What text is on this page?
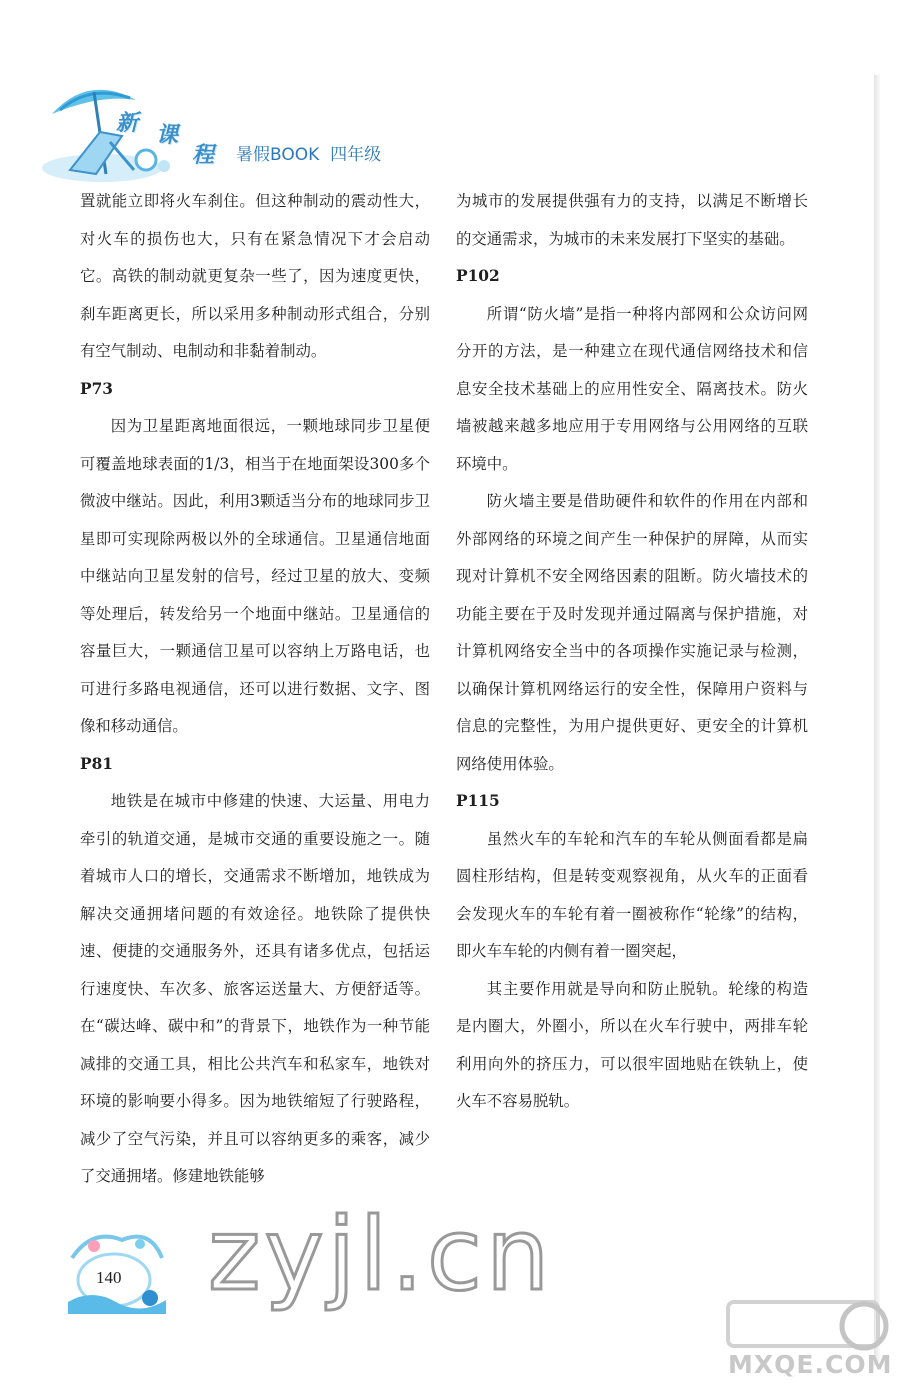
新 课
程 暑假BOOK  四年级

置就能立即将火车刹住。但这种制动的震动性大，对火车的损伤也大，只有在紧急情况下才会启动它。高铁的制动就更复杂一些了，因为速度更快，刹车距离更长，所以采用多种制动形式组合，分别有空气制动、电制动和非黏着制动。

P73

因为卫星距离地面很远，一颗地球同步卫星便可覆盖地球表面的1/3，相当于在地面架设300多个微波中继站。因此，利用3颗适当分布的地球同步卫星即可实现除两极以外的全球通信。卫星通信地面中继站向卫星发射的信号，经过卫星的放大、变频等处理后，转发给另一个地面中继站。卫星通信的容量巨大，一颗通信卫星可以容纳上万路电话，也可进行多路电视通信，还可以进行数据、文字、图像和移动通信。

P81

地铁是在城市中修建的快速、大运量、用电力牵引的轨道交通，是城市交通的重要设施之一。随着城市人口的增长，交通需求不断增加，地铁成为解决交通拥堵问题的有效途径。地铁除了提供快速、便捷的交通服务外，还具有诸多优点，包括运行速度快、车次多、旅客运送量大、方便舒适等。在“碳达峰、碳中和”的背景下，地铁作为一种节能减排的交通工具，相比公共汽车和私家车，地铁对环境的影响要小得多。因为地铁缩短了行驶路程，减少了空气污染，并且可以容纳更多的乘客，减少了交通拥堵。修建地铁能够

为城市的发展提供强有力的支持，以满足不断增长的交通需求，为城市的未来发展打下坚实的基础。

P102

所谓“防火墙”是指一种将内部网和公众访问网分开的方法，是一种建立在现代通信网络技术和信息安全技术基础上的应用性安全、隔离技术。防火墙被越来越多地应用于专用网络与公用网络的互联环境中。

防火墙主要是借助硬件和软件的作用在内部和外部网络的环境之间产生一种保护的屏障，从而实现对计算机不安全网络因素的阻断。防火墙技术的功能主要在于及时发现并通过隔离与保护措施，对计算机网络安全当中的各项操作实施记录与检测，以确保计算机网络运行的安全性，保障用户资料与信息的完整性，为用户提供更好、更安全的计算机网络使用体验。

P115

虽然火车的车轮和汽车的车轮从侧面看都是扁圆柱形结构，但是转变观察视角，从火车的正面看会发现火车的车轮有着一圈被称作“轮缘”的结构，即火车车轮的内侧有着一圈突起，

其主要作用就是导向和防止脱轨。轮缘的构造是内圈大，外圈小，所以在火车行驶中，两排车轮利用向外的挤压力，可以很牢固地贴在铁轨上，使火车不容易脱轨。

140 zyjl.cn
MXQE.COM
